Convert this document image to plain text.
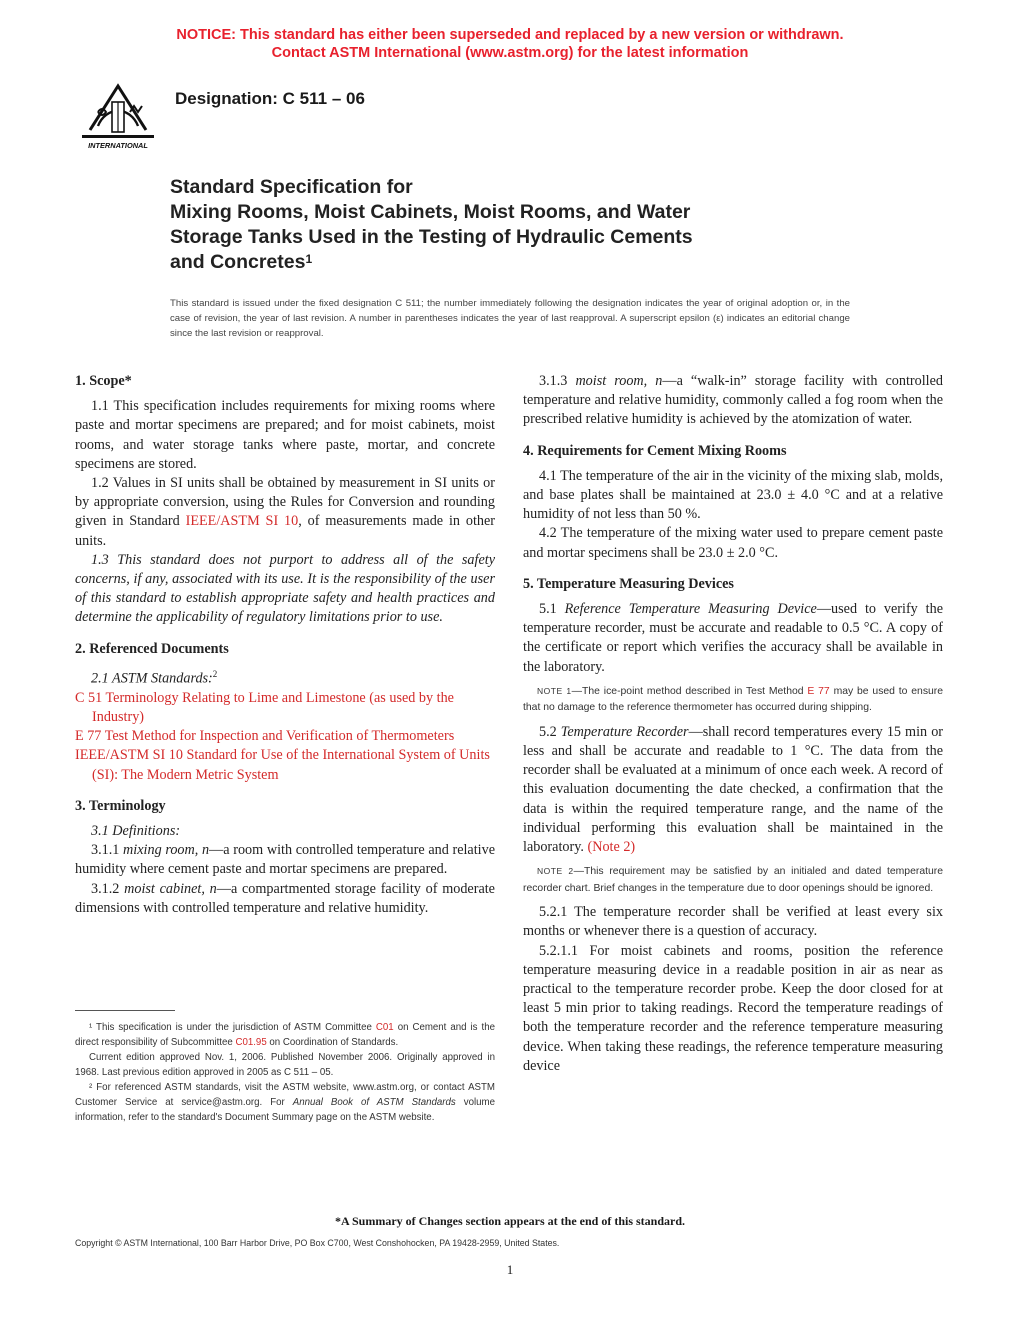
NOTICE: This standard has either been superseded and replaced by a new version or withdrawn.
Contact ASTM International (www.astm.org) for the latest information
INTERNATIONAL
Designation: C 511 – 06
Standard Specification for
Mixing Rooms, Moist Cabinets, Moist Rooms, and Water
Storage Tanks Used in the Testing of Hydraulic Cements
and Concretes$^1$
This standard is issued under the fixed designation C 511; the number immediately following the designation indicates the year of original adoption or, in the case of revision, the year of last revision. A number in parentheses indicates the year of last reapproval. A superscript epsilon (ε) indicates an editorial change since the last revision or reapproval.

1. Scope*

1.1 This specification includes requirements for mixing rooms where paste and mortar specimens are prepared; and for moist cabinets, moist rooms, and water storage tanks where paste, mortar, and concrete specimens are stored.

1.2 Values in SI units shall be obtained by measurement in SI units or by appropriate conversion, using the Rules for Conversion and rounding given in Standard IEEE/ASTM SI 10, of measurements made in other units.

1.3 This standard does not purport to address all of the safety concerns, if any, associated with its use. It is the responsibility of the user of this standard to establish appropriate safety and health practices and determine the applicability of regulatory limitations prior to use.

2. Referenced Documents

2.1 ASTM Standards:$^2$

C 51 Terminology Relating to Lime and Limestone (as used by the Industry)

E 77 Test Method for Inspection and Verification of Thermometers

IEEE/ASTM SI 10 Standard for Use of the International System of Units (SI): The Modern Metric System

3. Terminology

3.1 Definitions:

3.1.1 mixing room, n—a room with controlled temperature and relative humidity where cement paste and mortar specimens are prepared.

3.1.2 moist cabinet, n—a compartmented storage facility of moderate dimensions with controlled temperature and relative humidity.

¹ This specification is under the jurisdiction of ASTM Committee C01 on Cement and is the direct responsibility of Subcommittee C01.95 on Coordination of Standards.

Current edition approved Nov. 1, 2006. Published November 2006. Originally approved in 1968. Last previous edition approved in 2005 as C 511 – 05.

² For referenced ASTM standards, visit the ASTM website, www.astm.org, or contact ASTM Customer Service at service@astm.org. For Annual Book of ASTM Standards volume information, refer to the standard's Document Summary page on the ASTM website.

3.1.3 moist room, n—a “walk-in” storage facility with controlled temperature and relative humidity, commonly called a fog room when the prescribed relative humidity is achieved by the atomization of water.

4. Requirements for Cement Mixing Rooms

4.1 The temperature of the air in the vicinity of the mixing slab, molds, and base plates shall be maintained at 23.0 ± 4.0 °C and at a relative humidity of not less than 50 %.

4.2 The temperature of the mixing water used to prepare cement paste and mortar specimens shall be 23.0 ± 2.0 °C.

5. Temperature Measuring Devices

5.1 Reference Temperature Measuring Device—used to verify the temperature recorder, must be accurate and readable to 0.5 °C. A copy of the certificate or report which verifies the accuracy shall be available in the laboratory.

NOTE 1—The ice-point method described in Test Method E 77 may be used to ensure that no damage to the reference thermometer has occurred during shipping.

5.2 Temperature Recorder—shall record temperatures every 15 min or less and shall be accurate and readable to 1 °C. The data from the recorder shall be evaluated at a minimum of once each week. A record of this evaluation documenting the date checked, a confirmation that the data is within the required temperature range, and the name of the individual performing this evaluation shall be maintained in the laboratory. (Note 2)

NOTE 2—This requirement may be satisfied by an initialed and dated temperature recorder chart. Brief changes in the temperature due to door openings should be ignored.

5.2.1 The temperature recorder shall be verified at least every six months or whenever there is a question of accuracy.

5.2.1.1 For moist cabinets and rooms, position the reference temperature measuring device in a readable position in air as near as practical to the temperature recorder probe. Keep the door closed for at least 5 min prior to taking readings. Record the temperature readings of both the temperature recorder and the reference temperature measuring device. When taking these readings, the reference temperature measuring device

*A Summary of Changes section appears at the end of this standard.
Copyright © ASTM International, 100 Barr Harbor Drive, PO Box C700, West Conshohocken, PA 19428-2959, United States.
1
